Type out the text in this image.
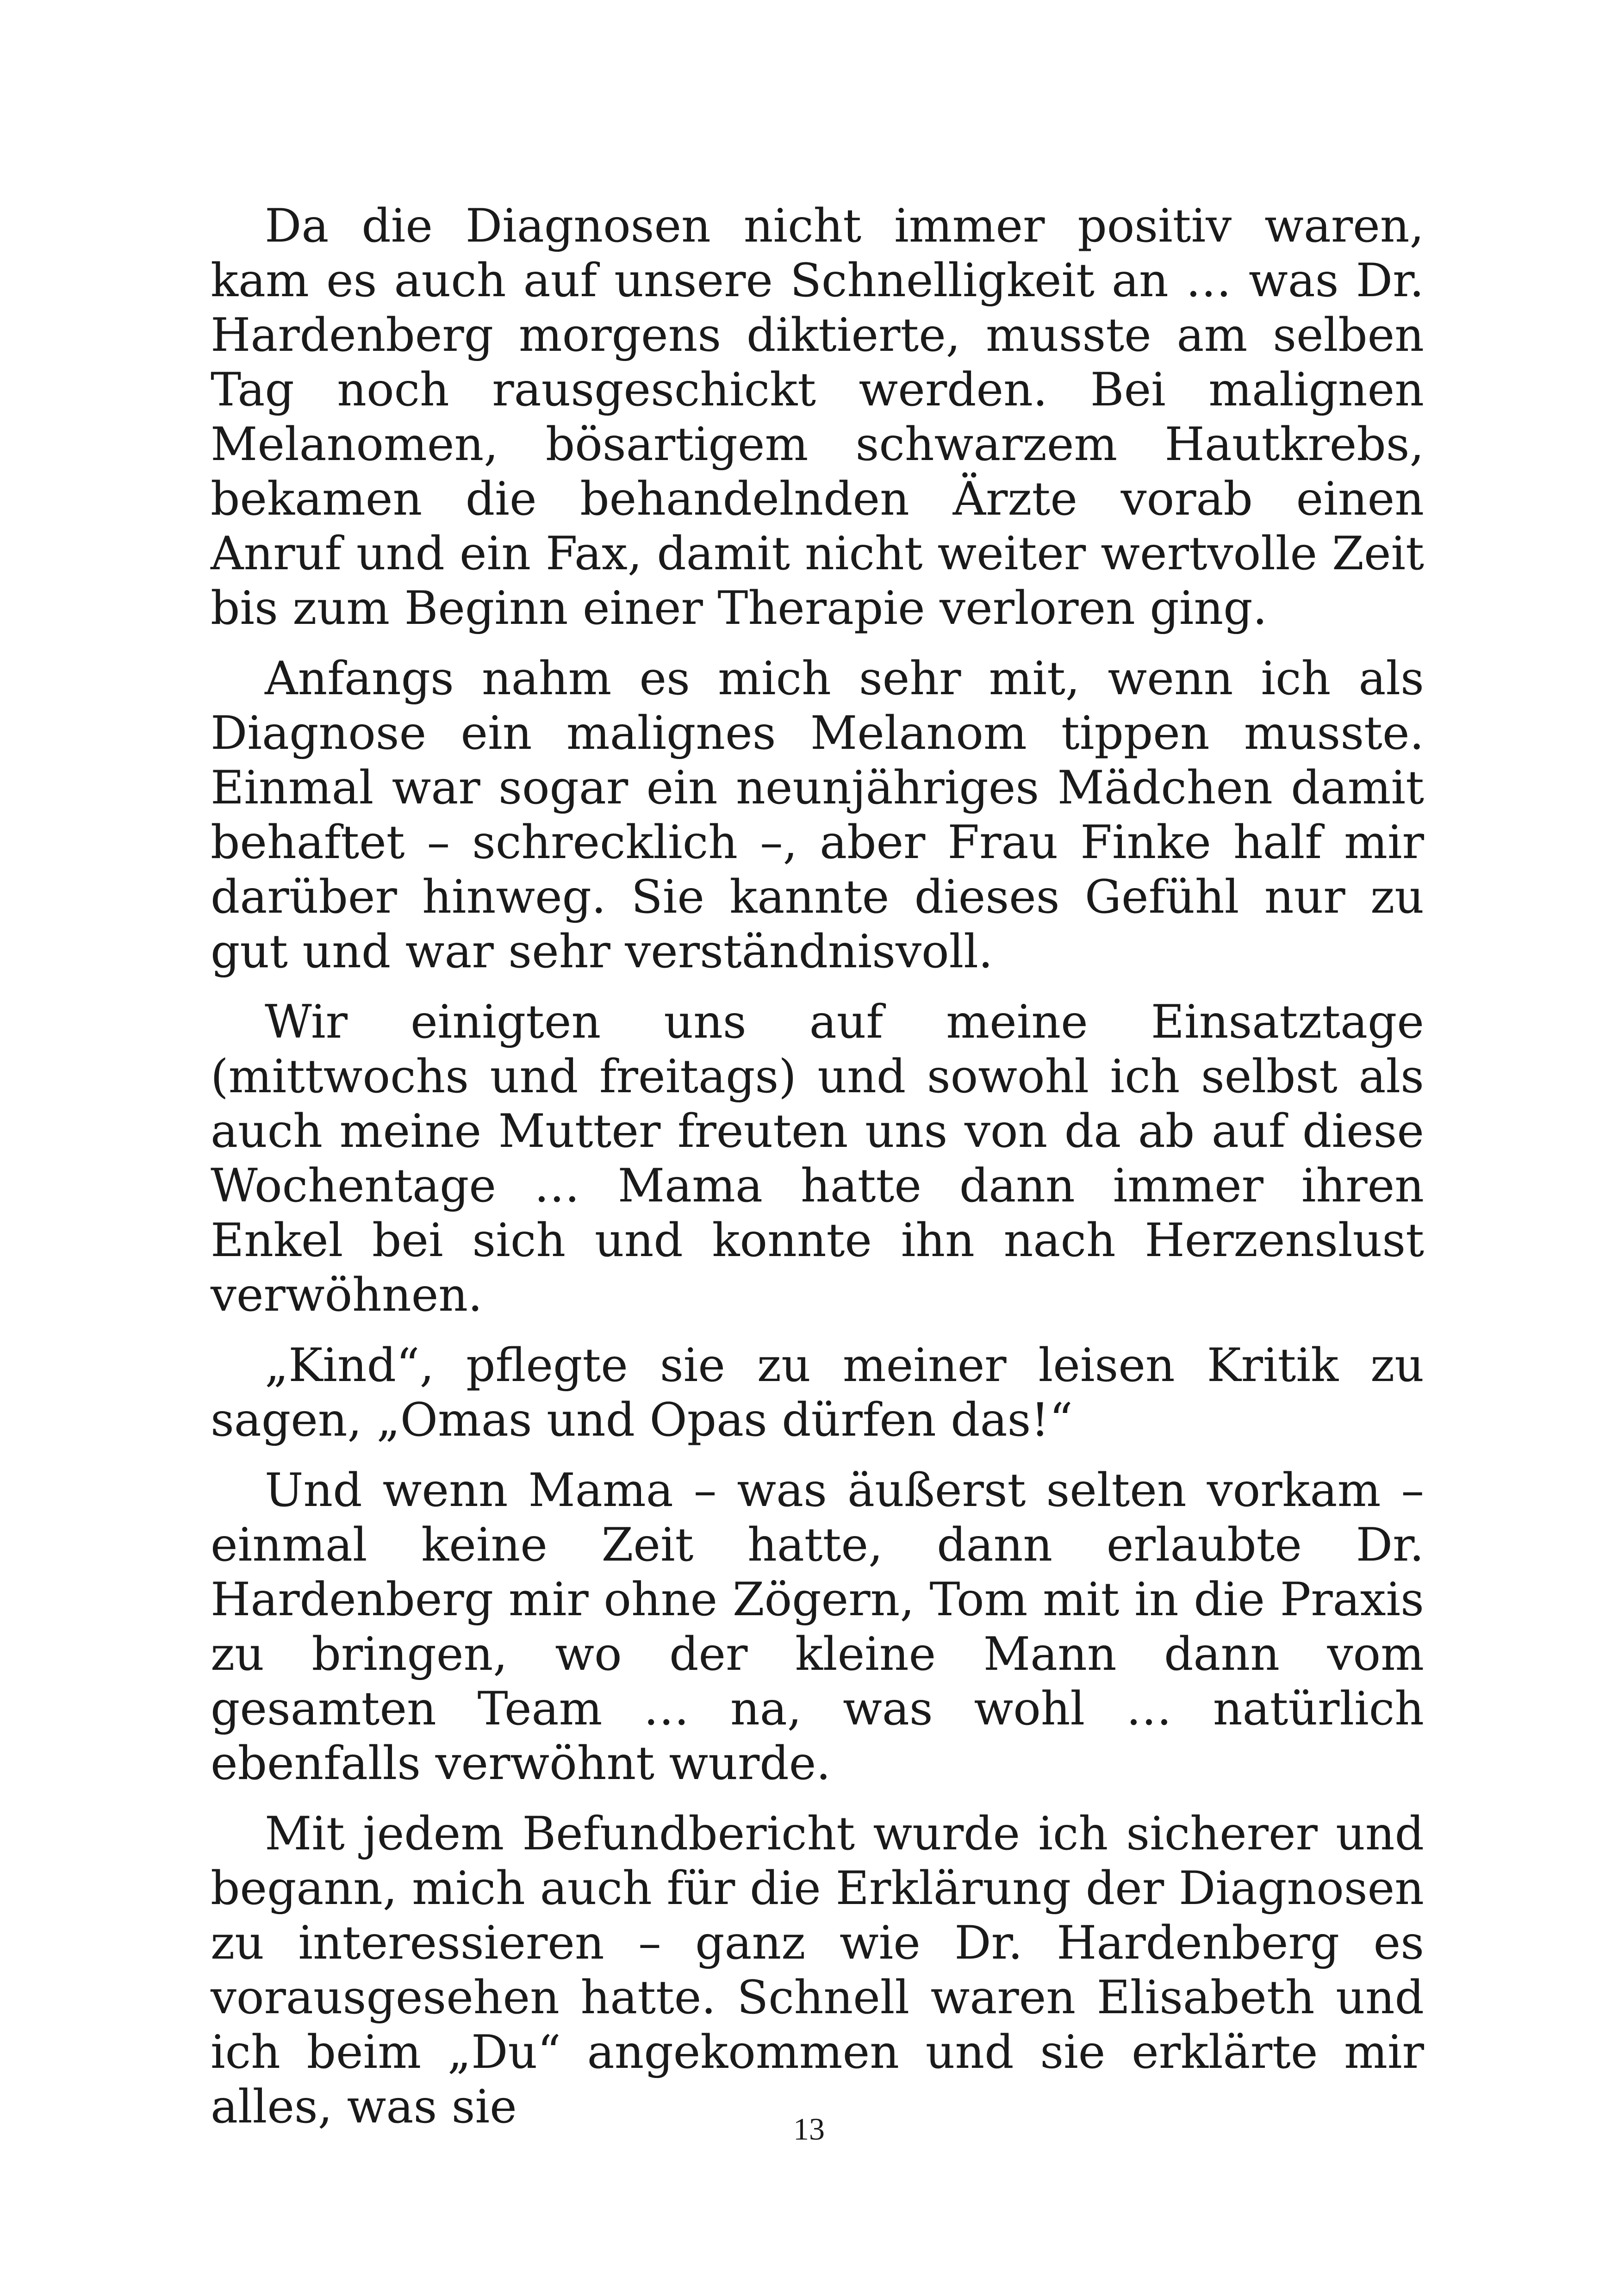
Da die Diagnosen nicht immer positiv waren, kam es auch auf unsere Schnelligkeit an … was Dr. Hardenberg morgens diktierte, musste am selben Tag noch rausgeschickt werden. Bei malignen Melanomen, bösartigem schwarzem Hautkrebs, bekamen die behandelnden Ärzte vorab einen Anruf und ein Fax, damit nicht weiter wertvolle Zeit bis zum Beginn einer Therapie verloren ging.

Anfangs nahm es mich sehr mit, wenn ich als Diagnose ein malignes Melanom tippen musste. Einmal war sogar ein neunjähriges Mädchen damit behaftet – schrecklich –, aber Frau Finke half mir darüber hinweg. Sie kannte dieses Gefühl nur zu gut und war sehr verständnisvoll.

Wir einigten uns auf meine Einsatztage (mittwochs und freitags) und sowohl ich selbst als auch meine Mutter freuten uns von da ab auf diese Wochentage … Mama hatte dann immer ihren Enkel bei sich und konnte ihn nach Herzenslust verwöhnen.

„Kind“, pflegte sie zu meiner leisen Kritik zu sagen, „Omas und Opas dürfen das!“

Und wenn Mama – was äußerst selten vorkam – einmal keine Zeit hatte, dann erlaubte Dr. Hardenberg mir ohne Zögern, Tom mit in die Praxis zu bringen, wo der kleine Mann dann vom gesamten Team … na, was wohl … natürlich ebenfalls verwöhnt wurde.

Mit jedem Befundbericht wurde ich sicherer und begann, mich auch für die Erklärung der Diagnosen zu interessieren – ganz wie Dr. Hardenberg es vorausgesehen hatte. Schnell waren Elisabeth und ich beim „Du“ angekommen und sie erklärte mir alles, was sie	13
